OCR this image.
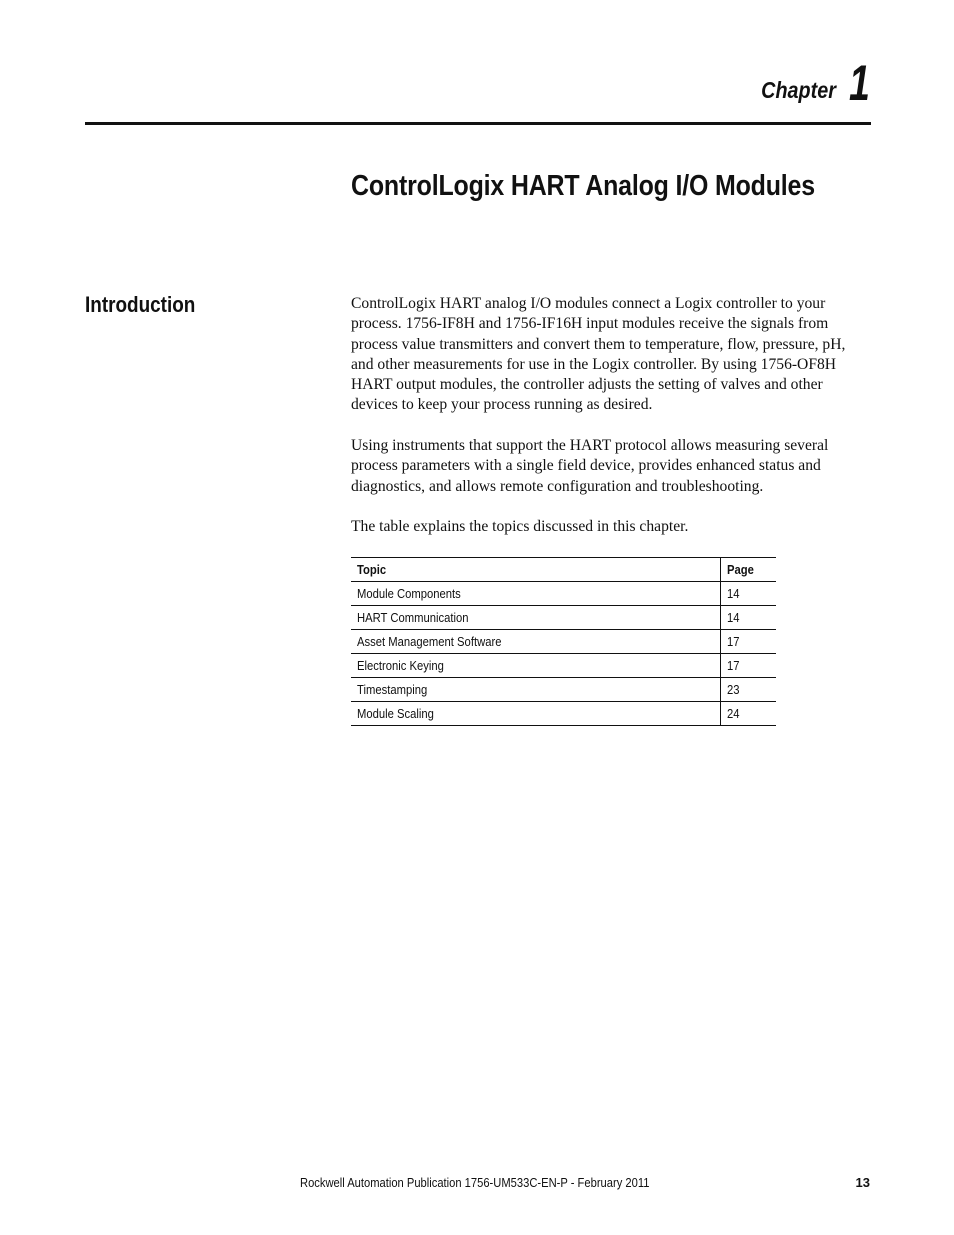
Chapter 1
ControlLogix HART Analog I/O Modules
Introduction	ControlLogix HART analog I/O modules connect a Logix controller to your process. 1756-IF8H and 1756-IF16H input modules receive the signals from process value transmitters and convert them to temperature, flow, pressure, pH, and other measurements for use in the Logix controller. By using 1756-OF8H HART output modules, the controller adjusts the setting of valves and other devices to keep your process running as desired.

Using instruments that support the HART protocol allows measuring several process parameters with a single field device, provides enhanced status and diagnostics, and allows remote configuration and troubleshooting.

The table explains the topics discussed in this chapter.

Topic	Page
Module Components	14
HART Communication	14
Asset Management Software	17
Electronic Keying	17
Timestamping	23
Module Scaling	24
Rockwell Automation Publication 1756-UM533C-EN-P - February 2011	13
